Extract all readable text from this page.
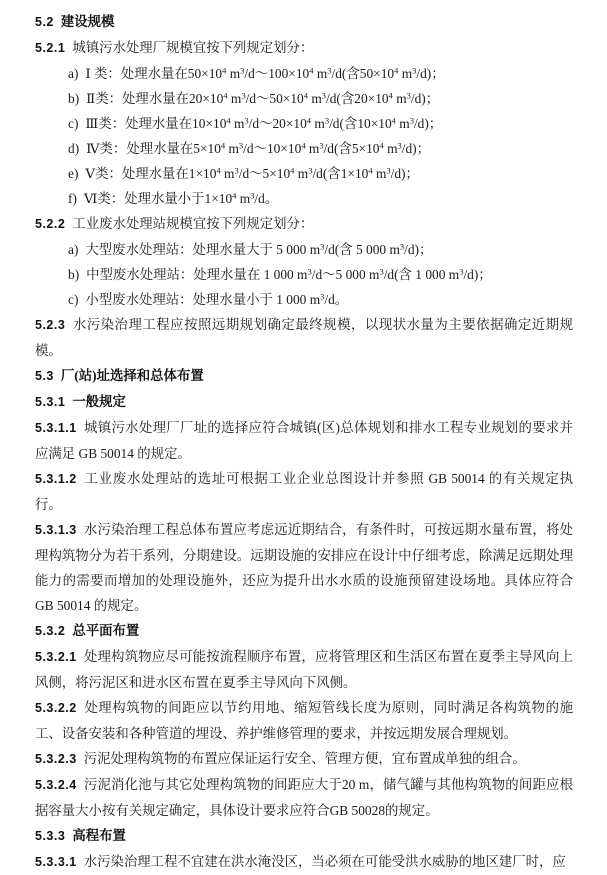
5.2 建设规模

5.2.1 城镇污水处理厂规模宜按下列规定划分：

a) Ⅰ 类：处理水量在$50\times 10^4$ $m^3/d\sim 100\times 10^4$ $m^3/d$(含$50\times 10^4$ $m^3/d$)；

b) Ⅱ类：处理水量在$20\times 10^4$ $m^3/d\sim 50\times 10^4$ $m^3/d$(含$20\times 10^4$ $m^3/d$)；

c) Ⅲ类：处理水量在$10\times 10^4$ $m^3/d\sim 20\times 10^4$ $m^3/d$(含$10\times 10^4$ $m^3/d$)；

d) Ⅳ类：处理水量在$5\times 10^4$ $m^3/d\sim 10\times 10^4$ $m^3/d$(含$5\times 10^4$ $m^3/d$)；

e) Ⅴ类：处理水量在$1\times 10^4$ $m^3/d\sim 5\times 10^4$ $m^3/d$(含$1\times 10^4$ $m^3/d$)；

f) Ⅵ类：处理水量小于$1\times 10^4$ $m^3/d$。

5.2.2 工业废水处理站规模宜按下列规定划分：

a) 大型废水处理站：处理水量大于 5 000 $m^3/d$(含 5 000 $m^3/d$)；

b) 中型废水处理站：处理水量在 1 000 $m^3/d\sim 5$ 000 $m^3/d$(含 1 000 $m^3/d$)；

c) 小型废水处理站：处理水量小于 1 000 $m^3/d$。

5.2.3 水污染治理工程应按照远期规划确定最终规模，以现状水量为主要依据确定近期规模。

5.3 厂(站)址选择和总体布置

5.3.1 一般规定

5.3.1.1 城镇污水处理厂厂址的选择应符合城镇(区)总体规划和排水工程专业规划的要求并应满足 GB 50014 的规定。

5.3.1.2 工业废水处理站的选址可根据工业企业总图设计并参照 GB 50014 的有关规定执行。

5.3.1.3 水污染治理工程总体布置应考虑远近期结合，有条件时，可按远期水量布置，将处理构筑物分为若干系列，分期建设。远期设施的安排应在设计中仔细考虑，除满足远期处理能力的需要而增加的处理设施外，还应为提升出水水质的设施预留建设场地。具体应符合 GB 50014 的规定。

5.3.2 总平面布置

5.3.2.1 处理构筑物应尽可能按流程顺序布置，应将管理区和生活区布置在夏季主导风向上风侧，将污泥区和进水区布置在夏季主导风向下风侧。

5.3.2.2 处理构筑物的间距应以节约用地、缩短管线长度为原则，同时满足各构筑物的施工、设备安装和各种管道的埋设、养护维修管理的要求，并按远期发展合理规划。

5.3.2.3 污泥处理构筑物的布置应保证运行安全、管理方便，宜布置成单独的组合。

5.3.2.4 污泥消化池与其它处理构筑物的间距应大于20 m，储气罐与其他构筑物的间距应根据容量大小按有关规定确定，具体设计要求应符合GB 50028的规定。

5.3.3 高程布置

5.3.3.1 水污染治理工程不宜建在洪水淹没区，当必须在可能受洪水威胁的地区建厂时，应
